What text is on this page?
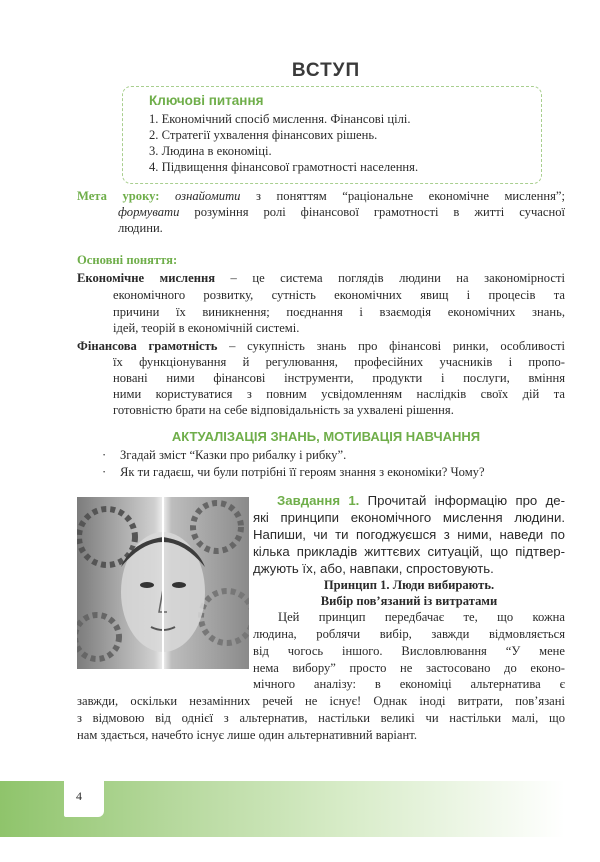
ВСТУП
Ключові питання
1. Економічний спосіб мислення. Фінансові цілі.
2. Стратегії ухвалення фінансових рішень.
3. Людина в економіці.
4. Підвищення фінансової грамотності населення.
Мета уроку: ознайомити з поняттям “раціональне економічне мислення”;
формувати розуміння ролі фінансової грамотності в житті сучасної
людини.
Основні поняття:
Економічне мислення – це система поглядів людини на закономірності
економічного розвитку, сутність економічних явищ і процесів та
причини їх виникнення; поєднання і взаємодія економічних знань,
ідей, теорій в економічній системі.
Фінансова грамотність – сукупність знань про фінансові ринки, особливості
їх функціонування й регулювання, професійних учасників і пропо-
новані ними фінансові інструменти, продукти і послуги, вміння
ними користуватися з повним усвідомленням наслідків своїх дій та
готовністю брати на себе відповідальність за ухвалені рішення.
АКТУАЛІЗАЦІЯ ЗНАНЬ, МОТИВАЦІЯ НАВЧАННЯ
· Згадай зміст “Казки про рибалку і рибку”.
· Як ти гадаєш, чи були потрібні її героям знання з економіки? Чому?
Завдання 1. Прочитай інформацію про де-
які принципи економічного мислення людини.
Напиши, чи ти погоджуєшся з ними, наведи по
кілька прикладів життєвих ситуацій, що підтвер-
джують їх, або, навпаки, спростовують.
Принцип 1. Люди вибирають.
Вибір пов’язаний із витратами
Цей принцип передбачає те, що кожна
людина, роблячи вибір, завжди відмовляється
від чогось іншого. Висловлювання “У мене
нема вибору” просто не застосовано до еконо-
мічного аналізу: в економіці альтернатива є
завжди, оскільки незамінних речей не існує! Однак іноді витрати, пов’язані
з відмовою від однієї з альтернатив, настільки великі чи настільки малі, що
нам здається, начебто існує лише один альтернативний варіант.
4
